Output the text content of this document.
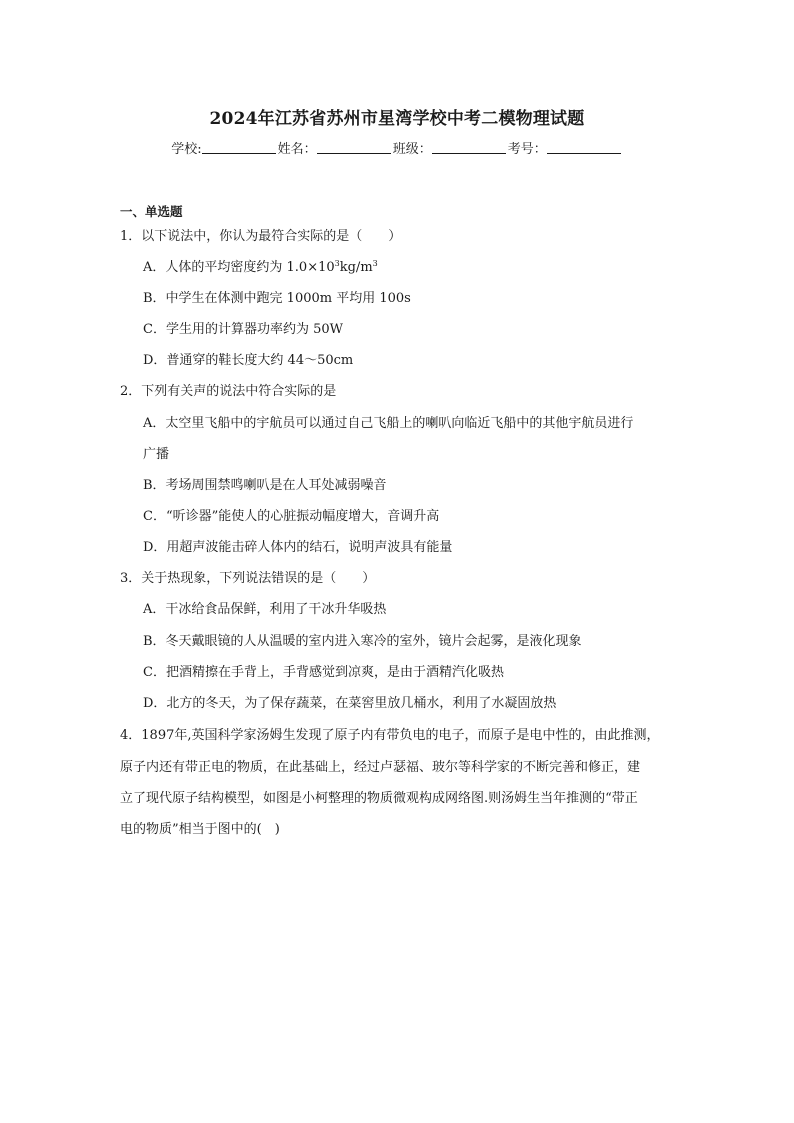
2024年江苏省苏州市星湾学校中考二模物理试题
学校:	姓名：	班级：	考号：
一、单选题
1．以下说法中，你认为最符合实际的是（　　）
A．人体的平均密度约为 $1.0\times 10^3kg/m^3$
B．中学生在体测中跑完 1000m 平均用 100s
C．学生用的计算器功率约为 50W
D．普通穿的鞋长度大约 44～50cm
2．下列有关声的说法中符合实际的是
A．太空里飞船中的宇航员可以通过自己飞船上的喇叭向临近飞船中的其他宇航员进行
广播
B．考场周围禁鸣喇叭是在人耳处减弱噪音
C．“听诊器”能使人的心脏振动幅度增大，音调升高
D．用超声波能击碎人体内的结石，说明声波具有能量
3．关于热现象，下列说法错误的是（　　）
A．干冰给食品保鲜，利用了干冰升华吸热
B．冬天戴眼镜的人从温暖的室内进入寒冷的室外，镜片会起雾，是液化现象
C．把酒精擦在手背上，手背感觉到凉爽，是由于酒精汽化吸热
D．北方的冬天，为了保存蔬菜，在菜窖里放几桶水，利用了水凝固放热
4．1897年,英国科学家汤姆生发现了原子内有带负电的电子，而原子是电中性的，由此推测，
原子内还有带正电的物质，在此基础上，经过卢瑟福、玻尔等科学家的不断完善和修正，建
立了现代原子结构模型，如图是小柯整理的物质微观构成网络图.则汤姆生当年推测的“带正
电的物质”相当于图中的(　)
